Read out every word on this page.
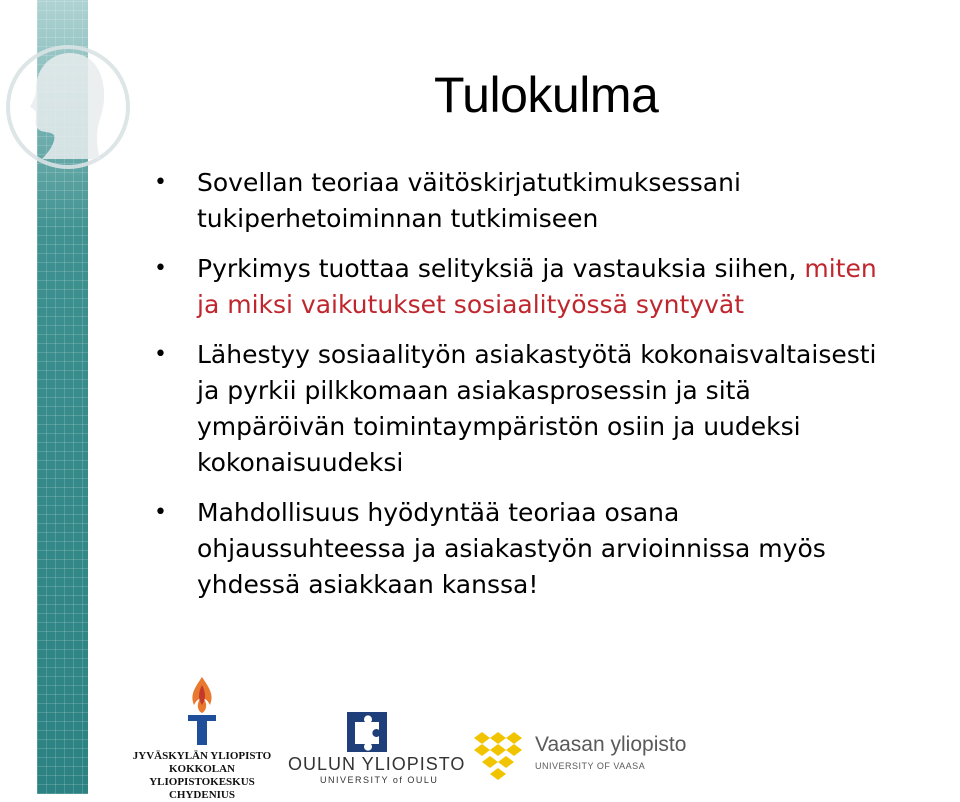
Tulokulma
• Sovellan teoriaa väitöskirjatutkimuksessani
tukiperhetoiminnan tutkimiseen
• Pyrkimys tuottaa selityksiä ja vastauksia siihen, miten
ja miksi vaikutukset sosiaalityössä syntyvät
• Lähestyy sosiaalityön asiakastyötä kokonaisvaltaisesti
ja pyrkii pilkkomaan asiakasprosessin ja sitä
ympäröivän toimintaympäristön osiin ja uudeksi
kokonaisuudeksi
• Mahdollisuus hyödyntää teoriaa osana
ohjaussuhteessa ja asiakastyön arvioinnissa myös
yhdessä asiakkaan kanssa!
JYVÄSKYLÄN YLIOPISTO
KOKKOLAN YLIOPISTOKESKUS
CHYDENIUS
OULUN YLIOPISTO
UNIVERSITY of OULU
Vaasan yliopisto
UNIVERSITY OF VAASA
